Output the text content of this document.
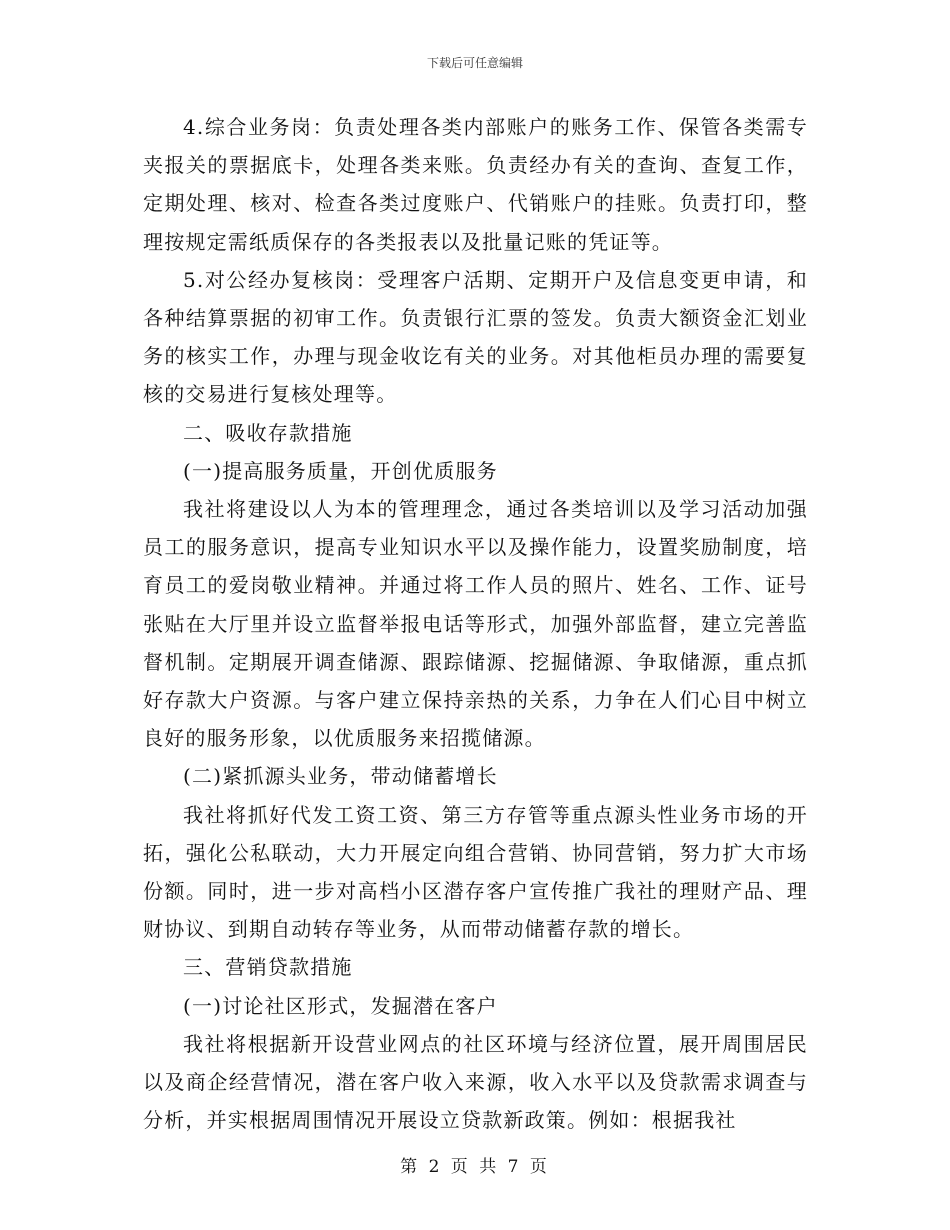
下载后可任意编辑

4.综合业务岗：负责处理各类内部账户的账务工作、保管各类需专夹报关的票据底卡，处理各类来账。负责经办有关的查询、查复工作，定期处理、核对、检查各类过度账户、代销账户的挂账。负责打印，整理按规定需纸质保存的各类报表以及批量记账的凭证等。

5.对公经办复核岗：受理客户活期、定期开户及信息变更申请，和各种结算票据的初审工作。负责银行汇票的签发。负责大额资金汇划业务的核实工作，办理与现金收讫有关的业务。对其他柜员办理的需要复核的交易进行复核处理等。

二、吸收存款措施

(一)提高服务质量，开创优质服务

我社将建设以人为本的管理理念，通过各类培训以及学习活动加强员工的服务意识，提高专业知识水平以及操作能力，设置奖励制度，培育员工的爱岗敬业精神。并通过将工作人员的照片、姓名、工作、证号张贴在大厅里并设立监督举报电话等形式，加强外部监督，建立完善监督机制。定期展开调查储源、跟踪储源、挖掘储源、争取储源，重点抓好存款大户资源。与客户建立保持亲热的关系，力争在人们心目中树立良好的服务形象，以优质服务来招揽储源。

(二)紧抓源头业务，带动储蓄增长

我社将抓好代发工资工资、第三方存管等重点源头性业务市场的开拓，强化公私联动，大力开展定向组合营销、协同营销，努力扩大市场份额。同时，进一步对高档小区潜存客户宣传推广我社的理财产品、理财协议、到期自动转存等业务，从而带动储蓄存款的增长。

三、营销贷款措施

(一)讨论社区形式，发掘潜在客户

我社将根据新开设营业网点的社区环境与经济位置，展开周围居民以及商企经营情况，潜在客户收入来源，收入水平以及贷款需求调查与分析，并实根据周围情况开展设立贷款新政策。例如：根据我社

第 2 页 共 7 页
